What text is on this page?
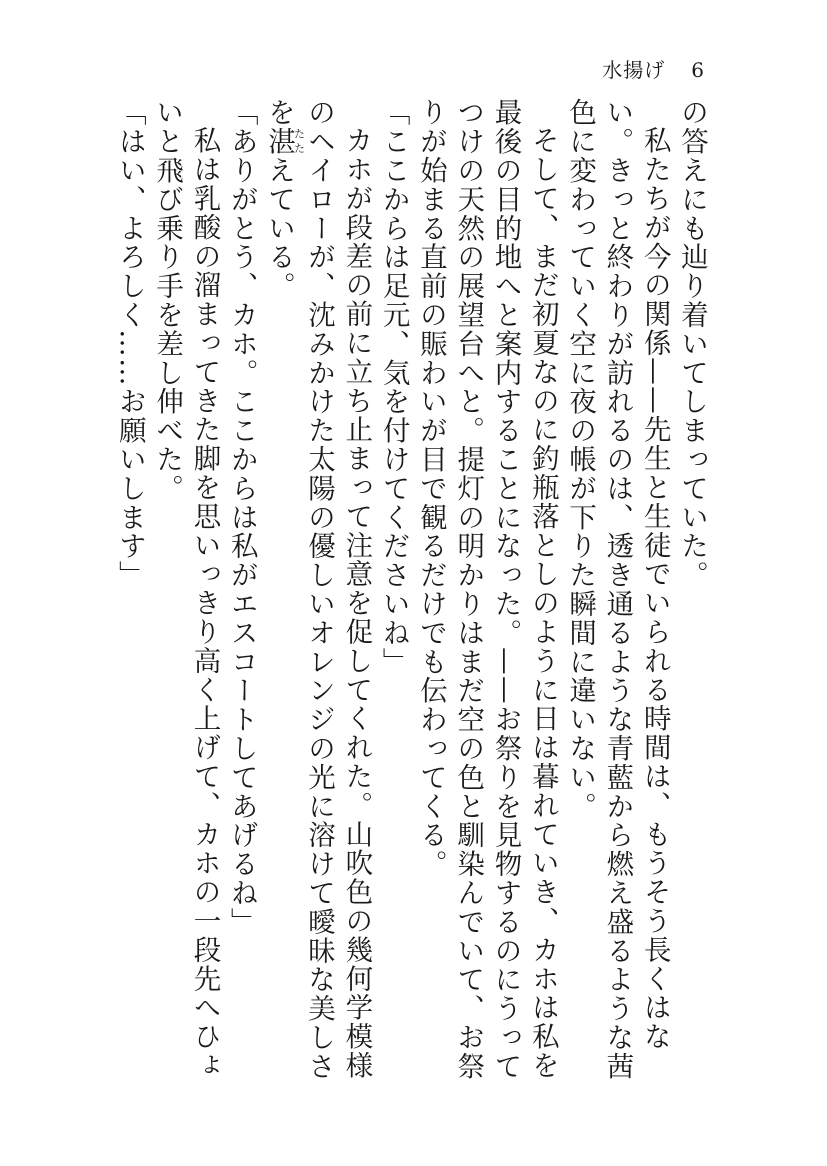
水揚げ 6

の答えにも辿り着いてしまっていた。

私たちが今の関係——先生と生徒でいられる時間は、もうそう長くはない。きっと終わりが訪れるのは、透き通るような青藍から燃え盛るような茜色に変わっていく空に夜の帳が下りた瞬間に違いない。

そして、まだ初夏なのに釣瓶落としのように日は暮れていき、カホは私を最後の目的地へと案内することになった。——お祭りを見物するのにうってつけの天然の展望台へと。提灯の明かりはまだ空の色と馴染んでいて、お祭りが始まる直前の賑わいが目で観るだけでも伝わってくる。

「ここからは足元、気を付けてくださいね」

カホが段差の前に立ち止まって注意を促してくれた。山吹色の幾何学模様のヘイローが、沈みかけた太陽の優しいオレンジの光に溶けて曖昧な美しさを湛たたえている。

「ありがとう、カホ。ここからは私がエスコートしてあげるね」

私は乳酸の溜まってきた脚を思いっきり高く上げて、カホの一段先へひょいと飛び乗り手を差し伸べた。

「はい、よろしく……お願いします」
